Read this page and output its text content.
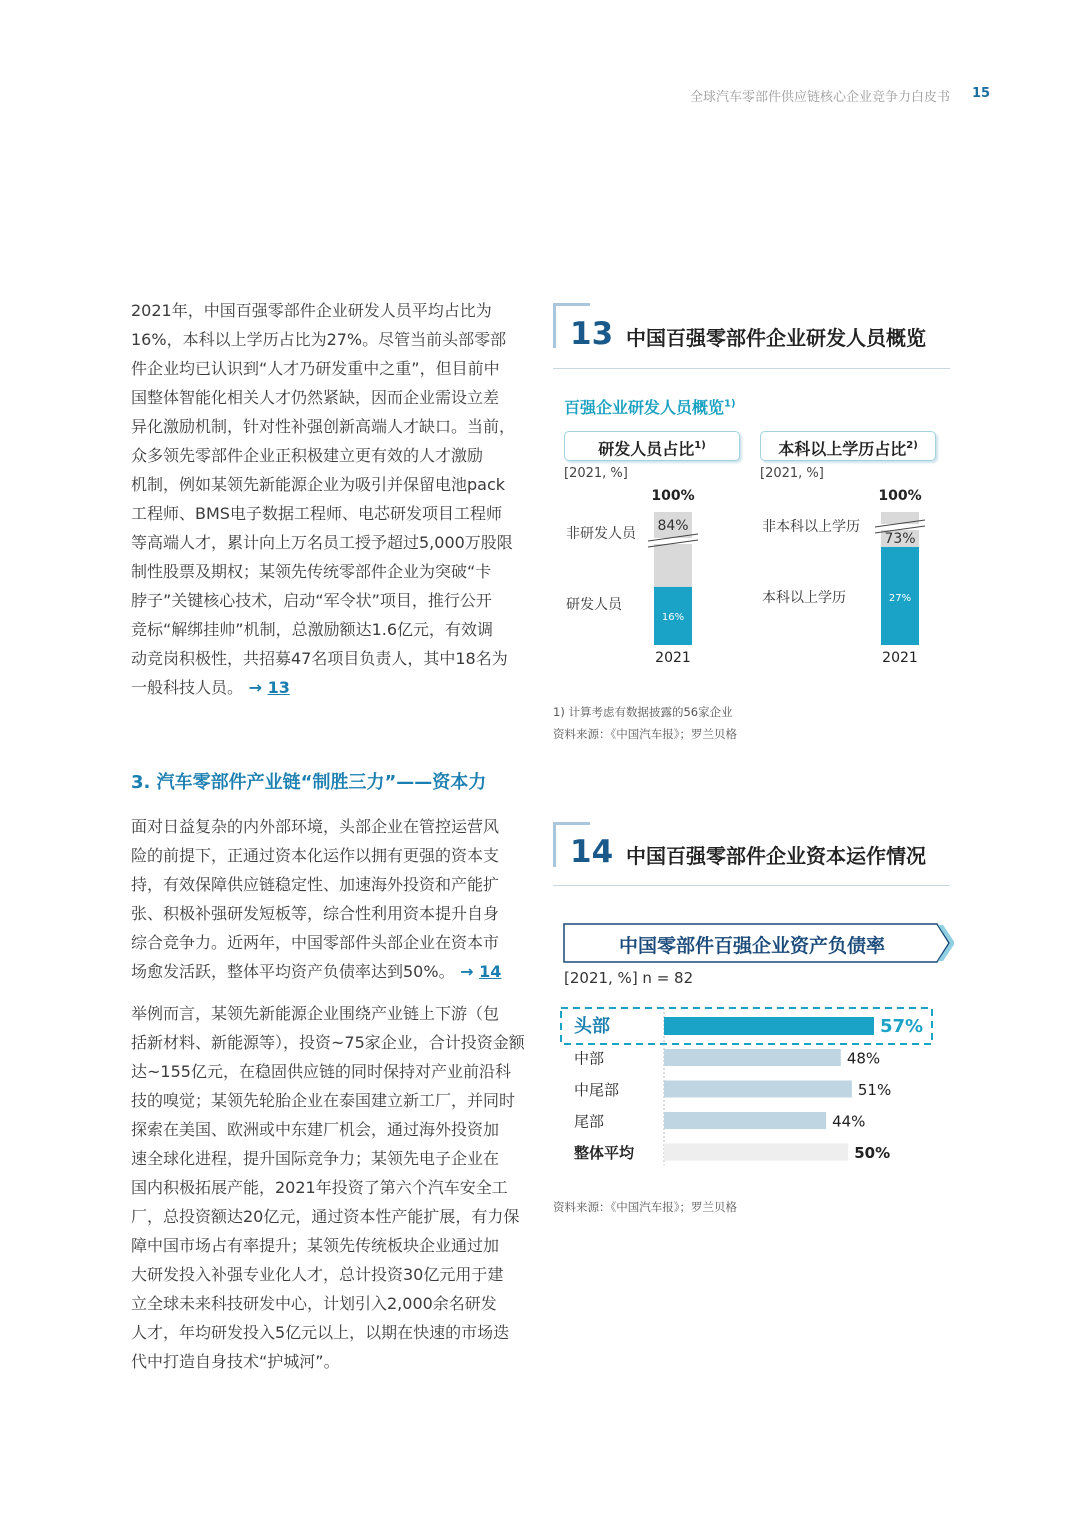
全球汽车零部件供应链核心企业竞争力白皮书 15
2021年，中国百强零部件企业研发人员平均占比为
16%，本科以上学历占比为27%。尽管当前头部零部
件企业均已认识到“人才乃研发重中之重”，但目前中
国整体智能化相关人才仍然紧缺，因而企业需设立差
异化激励机制，针对性补强创新高端人才缺口。当前，
众多领先零部件企业正积极建立更有效的人才激励
机制，例如某领先新能源企业为吸引并保留电池pack
工程师、BMS电子数据工程师、电芯研发项目工程师
等高端人才，累计向上万名员工授予超过5,000万股限
制性股票及期权；某领先传统零部件企业为突破“卡
脖子”关键核心技术，启动“军令状”项目，推行公开
竞标“解绑挂帅”机制，总激励额达1.6亿元，有效调
动竞岗积极性，共招募47名项目负责人，其中18名为
一般科技人员。 → 13
3. 汽车零部件产业链“制胜三力”——资本力
面对日益复杂的内外部环境，头部企业在管控运营风
险的前提下，正通过资本化运作以拥有更强的资本支
持，有效保障供应链稳定性、加速海外投资和产能扩
张、积极补强研发短板等，综合性利用资本提升自身
综合竞争力。近两年，中国零部件头部企业在资本市
场愈发活跃，整体平均资产负债率达到50%。 → 14
举例而言，某领先新能源企业围绕产业链上下游（包
括新材料、新能源等），投资~75家企业，合计投资金额
达~155亿元，在稳固供应链的同时保持对产业前沿科
技的嗅觉；某领先轮胎企业在泰国建立新工厂，并同时
探索在美国、欧洲或中东建厂机会，通过海外投资加
速全球化进程，提升国际竞争力；某领先电子企业在
国内积极拓展产能，2021年投资了第六个汽车安全工
厂，总投资额达20亿元，通过资本性产能扩展，有力保
障中国市场占有率提升；某领先传统板块企业通过加
大研发投入补强专业化人才，总计投资30亿元用于建
立全球未来科技研发中心，计划引入2,000余名研发
人才，年均研发投入5亿元以上，以期在快速的市场迭
代中打造自身技术“护城河”。
13 中国百强零部件企业研发人员概览
百强企业研发人员概览$^{1)}$
研发人员占比$^{1)}$	本科以上学历占比$^{2)}$
[2021, %]	[2021, %]
非研发人员
研发人员
非本科以上学历
本科以上学历
100%
84%
16%
2021
100%
73%
27%
2021
1) 计算考虑有数据披露的56家企业
资料来源：《中国汽车报》；罗兰贝格
14 中国百强零部件企业资本运作情况
中国零部件百强企业资产负债率
[2021, %] n = 82
头部	57%
中部	48%
中尾部	51%
尾部	44%
整体平均	50%
资料来源：《中国汽车报》；罗兰贝格
